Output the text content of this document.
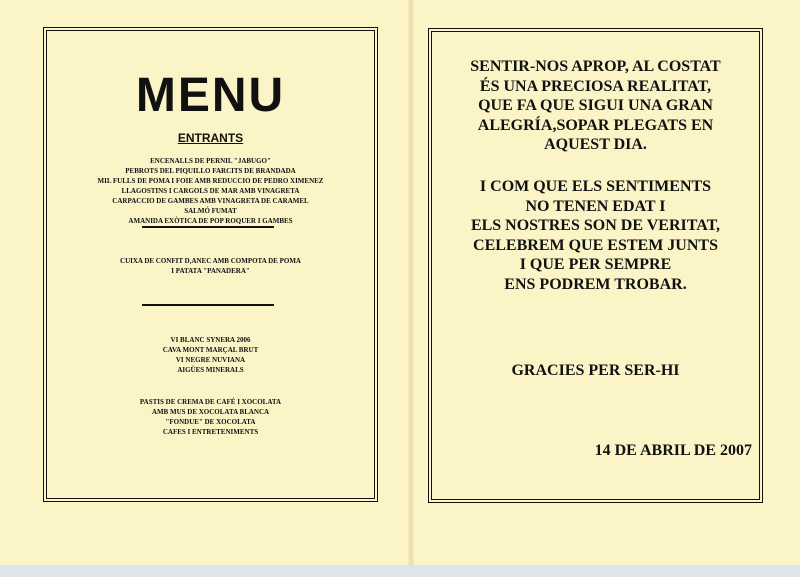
MENU
ENTRANTS
ENCENALLS DE PERNIL "JABUGO"
PEBROTS DEL PIQUILLO FARCITS DE BRANDADA
MIL FULLS DE POMA I FOIE AMB REDUCCIO DE PEDRO XIMENEZ
LLAGOSTINS I CARGOLS DE MAR AMB VINAGRETA
CARPACCIO DE GAMBES AMB VINAGRETA DE CARAMEL
SALMÓ FUMAT
AMANIDA EXÒTICA DE POP ROQUER I GAMBES
CUIXA DE CONFIT D,ANEC AMB COMPOTA DE POMA
I PATATA "PANADERA"
VI BLANC SYNERA 2006
CAVA MONT MARÇAL BRUT
VI NEGRE NUVIANA
AIGÜES MINERALS
PASTIS DE CREMA DE CAFÉ I XOCOLATA
AMB MUS DE XOCOLATA BLANCA
"FONDUE" DE XOCOLATA
CAFES I ENTRETENIMENTS
SENTIR-NOS APROP, AL COSTAT
ÉS UNA PRECIOSA REALITAT,
QUE FA QUE SIGUI UNA GRAN
ALEGRÍA,SOPAR PLEGATS EN
AQUEST DIA.
I COM QUE ELS SENTIMENTS
NO TENEN EDAT I
ELS NOSTRES SON DE VERITAT,
CELEBREM QUE ESTEM JUNTS
I QUE PER SEMPRE
ENS PODREM TROBAR.
GRACIES PER SER-HI
14 DE ABRIL DE 2007
